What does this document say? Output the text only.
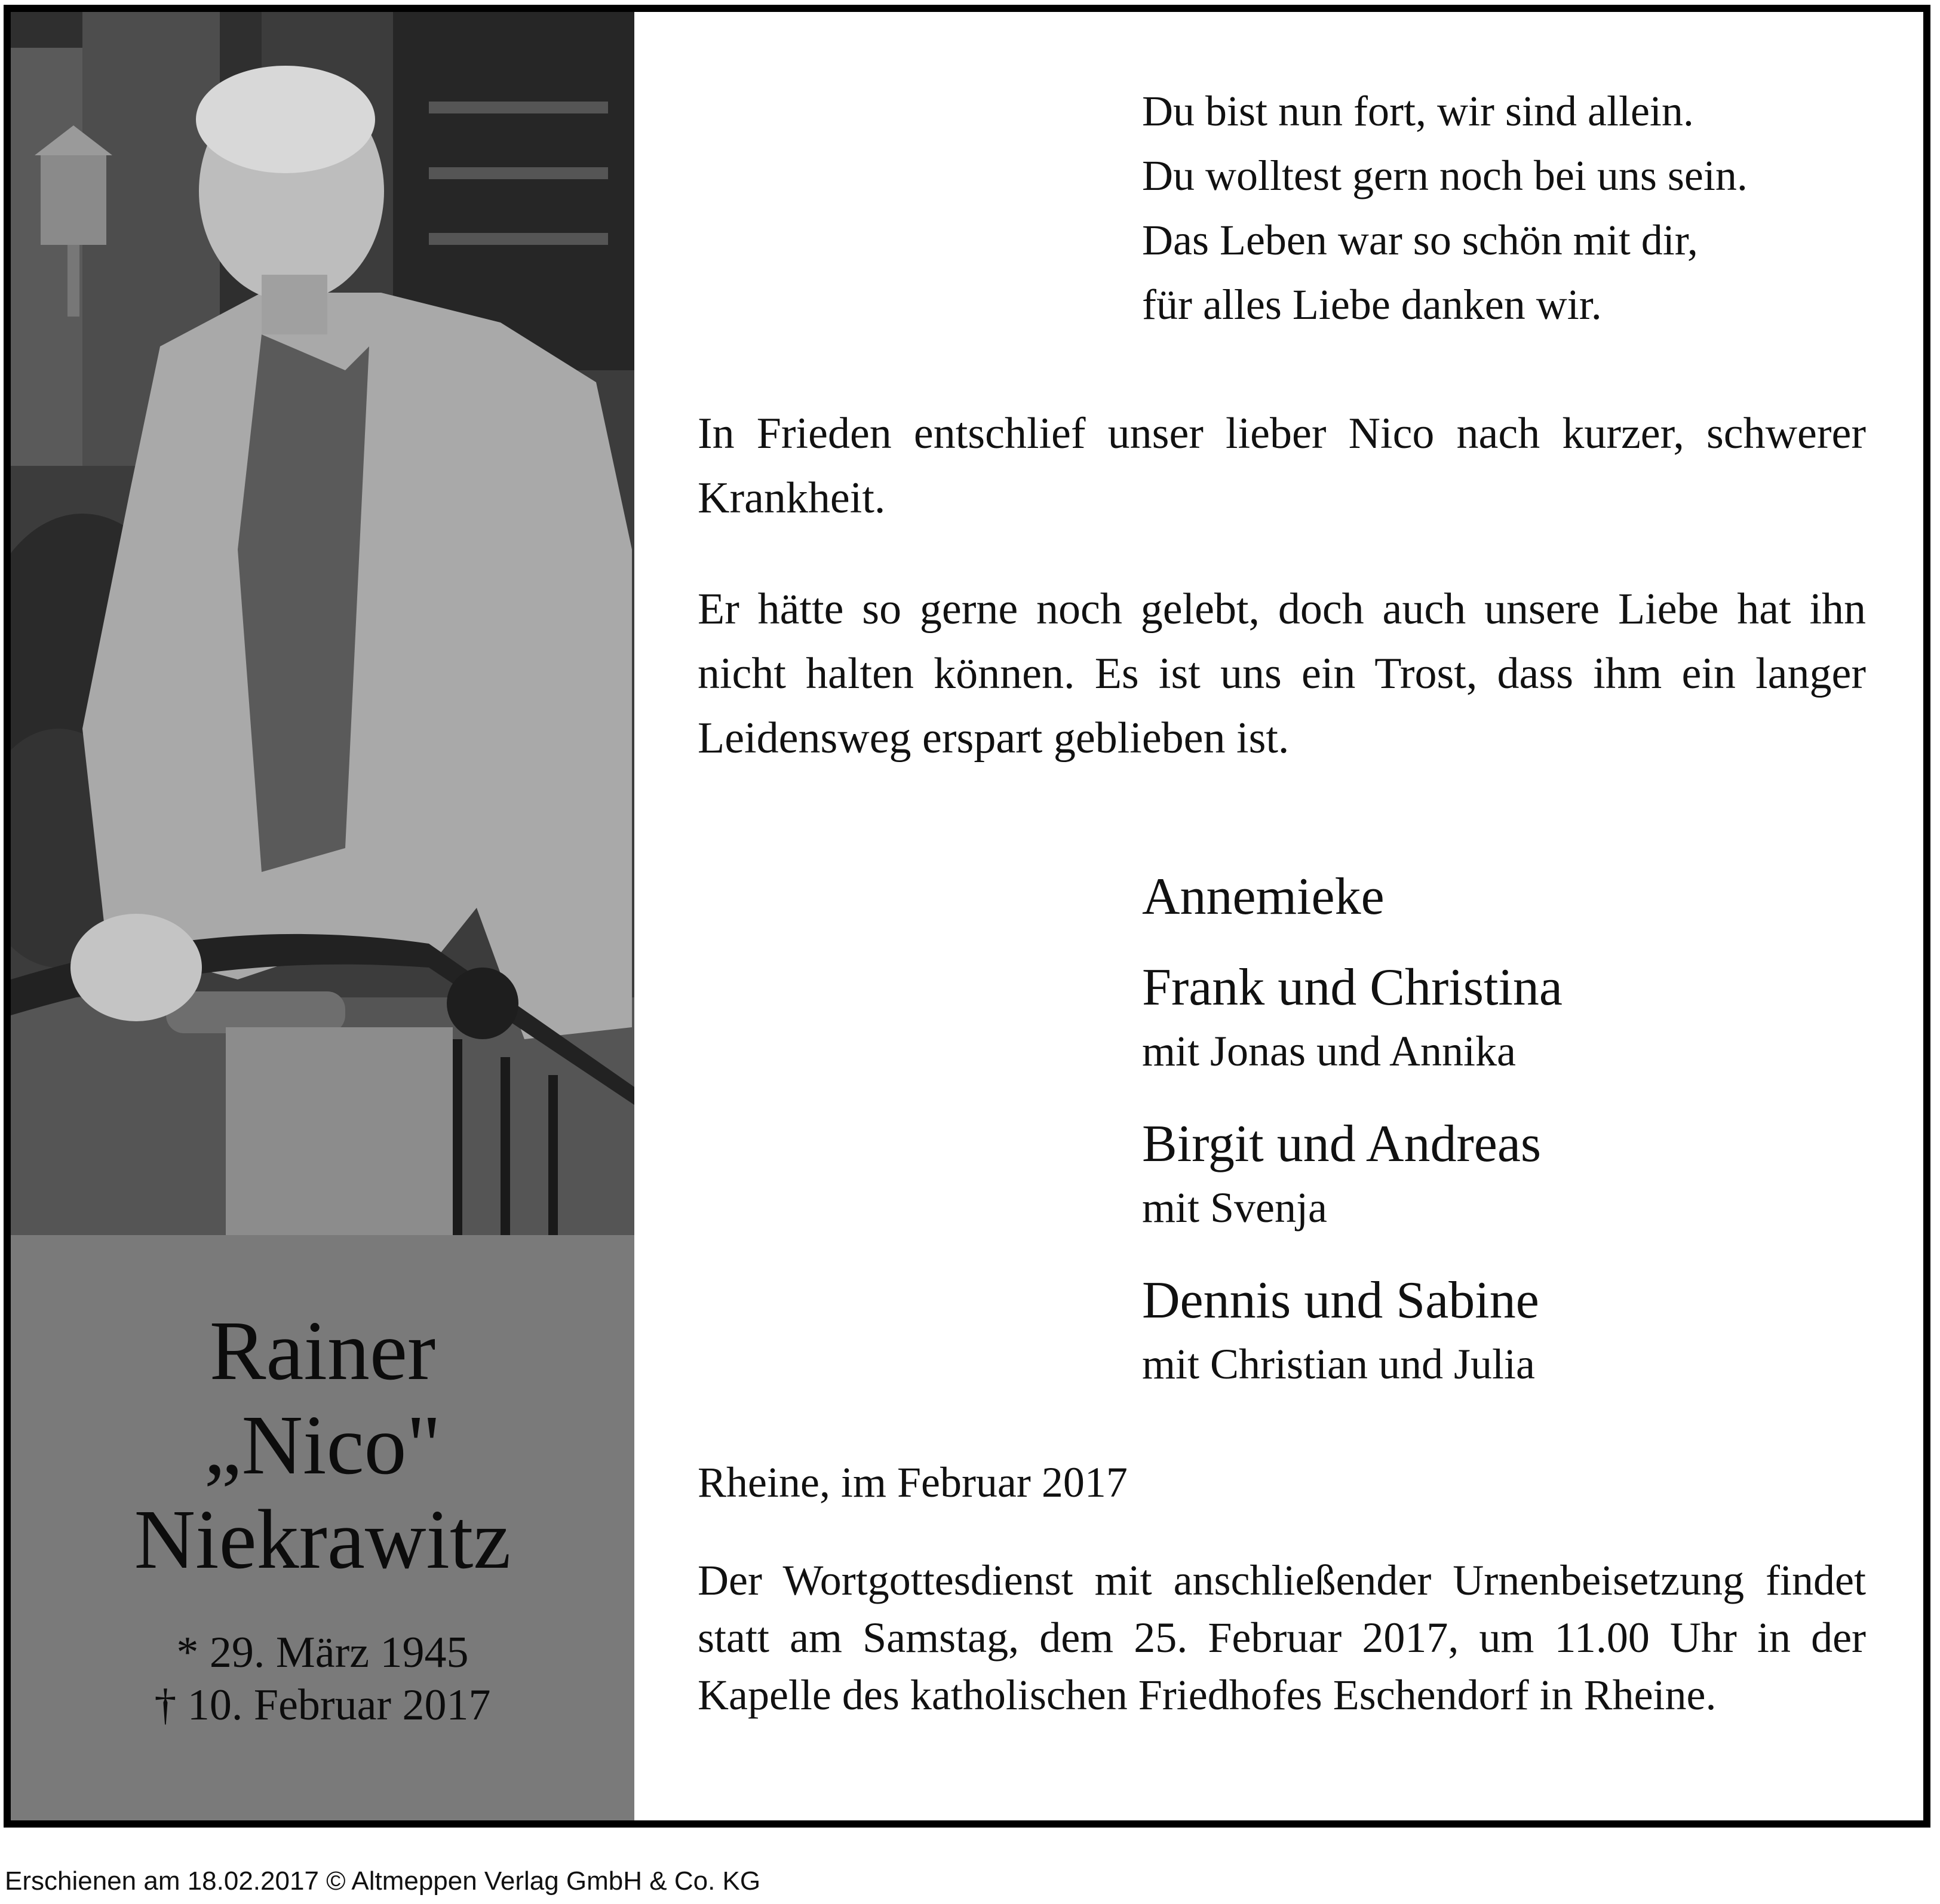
Rainer
„Nico"
Niekrawitz
* 29. März 1945
† 10. Februar 2017
Du bist nun fort, wir sind allein.
Du wolltest gern noch bei uns sein.
Das Leben war so schön mit dir,
für alles Liebe danken wir.
In Frieden entschlief unser lieber Nico nach kurzer, schwerer Krankheit.
Er hätte so gerne noch gelebt, doch auch unsere Liebe hat ihn nicht halten können. Es ist uns ein Trost, dass ihm ein langer Leidensweg erspart geblieben ist.
Annemieke
Frank und Christina
mit Jonas und Annika
Birgit und Andreas
mit Svenja
Dennis und Sabine
mit Christian und Julia
Rheine, im Februar 2017
Der Wortgottesdienst mit anschließender Urnenbeisetzung findet statt am Samstag, dem 25. Februar 2017, um 11.00 Uhr in der Kapelle des katholischen Friedhofes Eschendorf in Rheine.
Erschienen am 18.02.2017 © Altmeppen Verlag GmbH & Co. KG
